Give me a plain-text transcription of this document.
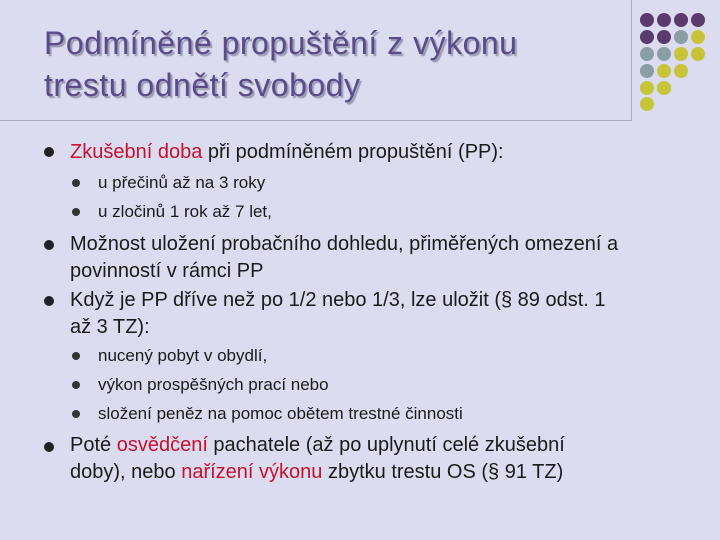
Podmíněné propuštění z výkonu
trestu odnětí svobody
Zkušební doba při podmíněném propuštění (PP):
u přečinů až na 3 roky
u zločinů 1 rok až 7 let,
Možnost uložení probačního dohledu, přiměřených omezení a
povinností v rámci PP
Když je PP dříve než po 1/2 nebo 1/3, lze uložit (§ 89 odst. 1
až 3 TZ):
nucený pobyt v obydlí,
výkon prospěšných prací nebo
složení peněz na pomoc obětem trestné činnosti
Poté osvědčení pachatele (až po uplynutí celé zkušební
doby), nebo nařízení výkonu zbytku trestu OS (§ 91 TZ)
